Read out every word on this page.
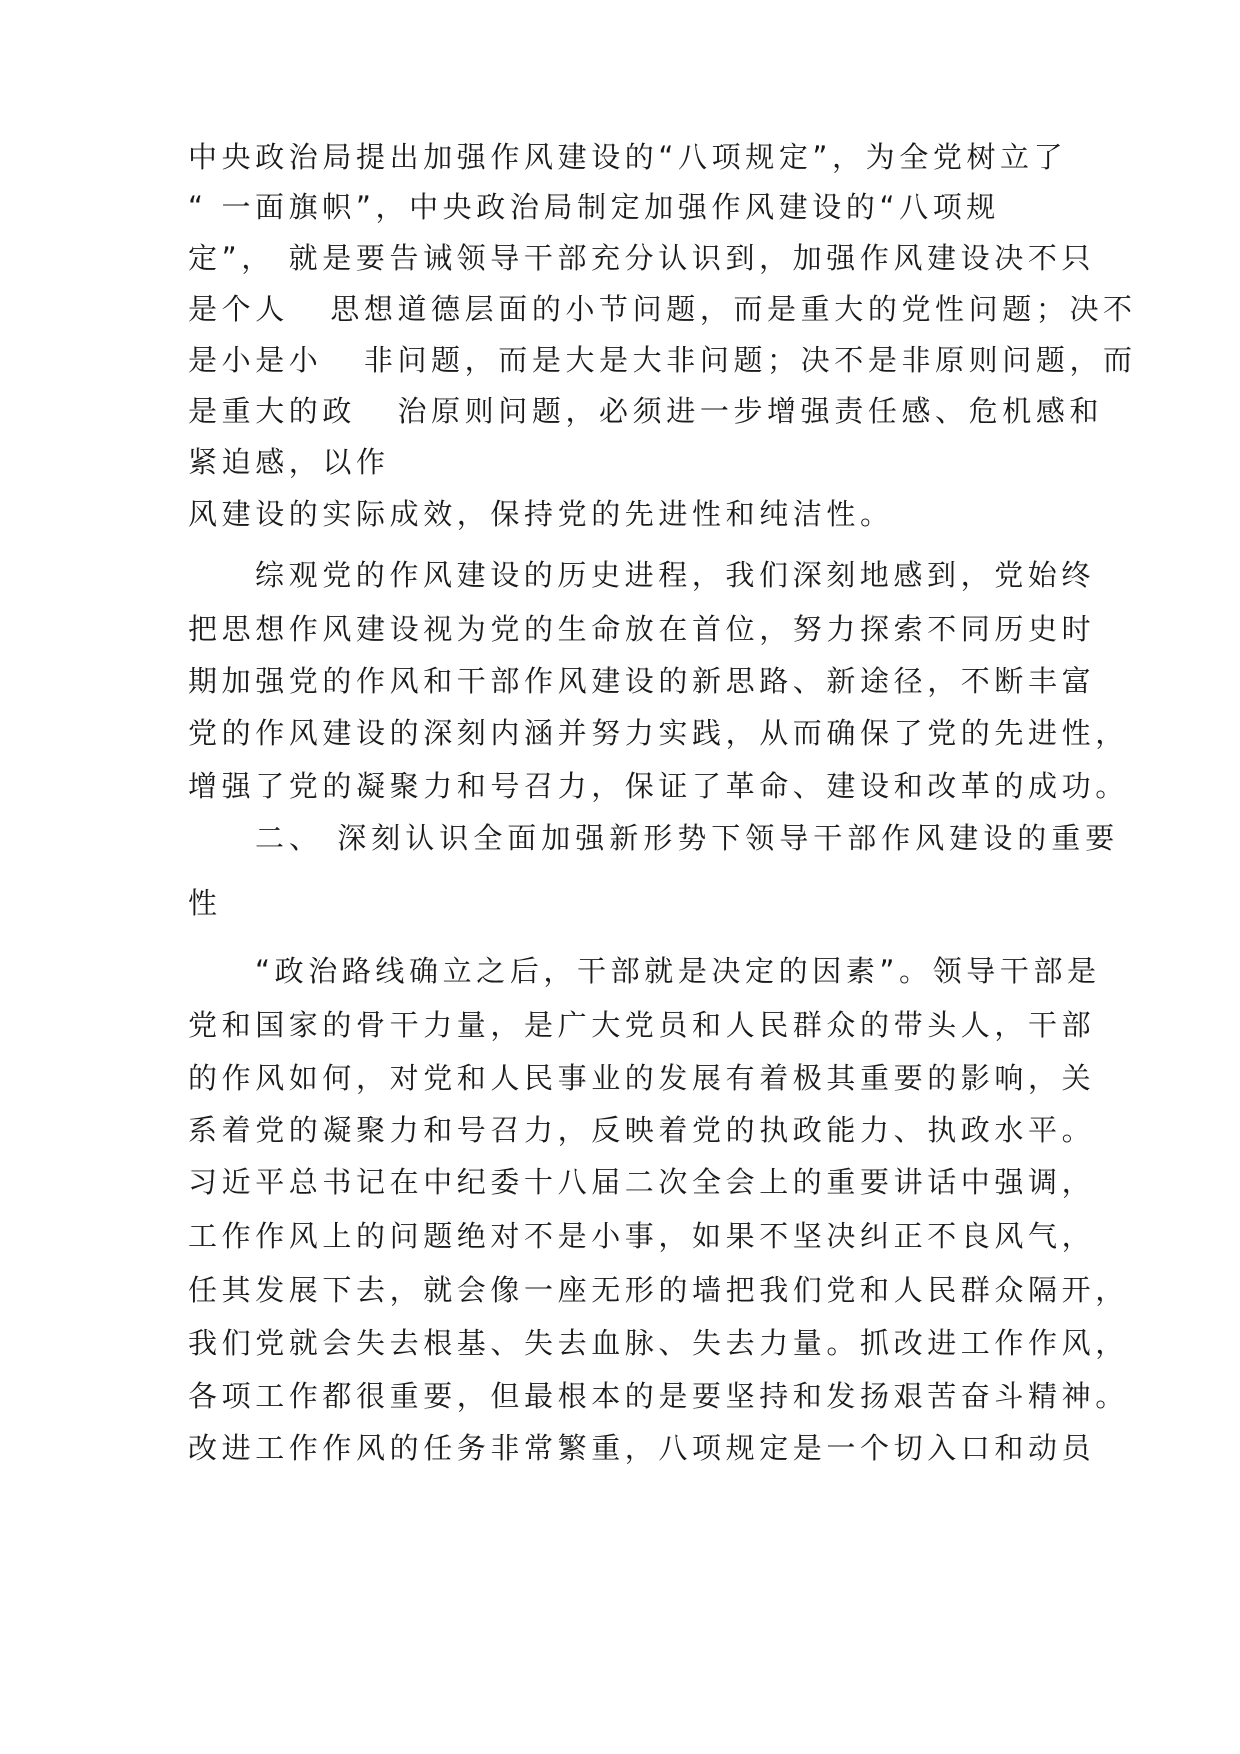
中央政治局提出加强作风建设的“八项规定”，为全党树立了
“ 一面旗帜”，中央政治局制定加强作风建设的“八项规
定”， 就是要告诫领导干部充分认识到，加强作风建设决不只
是个人   思想道德层面的小节问题，而是重大的党性问题；决不
是小是小   非问题，而是大是大非问题；决不是非原则问题，而
是重大的政   治原则问题，必须进一步增强责任感、危机感和
紧迫感，以作
风建设的实际成效，保持党的先进性和纯洁性。
综观党的作风建设的历史进程，我们深刻地感到，党始终
把思想作风建设视为党的生命放在首位，努力探索不同历史时
期加强党的作风和干部作风建设的新思路、新途径，不断丰富
党的作风建设的深刻内涵并努力实践，从而确保了党的先进性，
增强了党的凝聚力和号召力，保证了革命、建设和改革的成功。
二、 深刻认识全面加强新形势下领导干部作风建设的重要
性
“政治路线确立之后，干部就是决定的因素”。领导干部是
党和国家的骨干力量，是广大党员和人民群众的带头人，干部
的作风如何，对党和人民事业的发展有着极其重要的影响，关
系着党的凝聚力和号召力，反映着党的执政能力、执政水平。
习近平总书记在中纪委十八届二次全会上的重要讲话中强调，
工作作风上的问题绝对不是小事，如果不坚决纠正不良风气，
任其发展下去，就会像一座无形的墙把我们党和人民群众隔开，
我们党就会失去根基、失去血脉、失去力量。抓改进工作作风，
各项工作都很重要，但最根本的是要坚持和发扬艰苦奋斗精神。
改进工作作风的任务非常繁重，八项规定是一个切入口和动员
